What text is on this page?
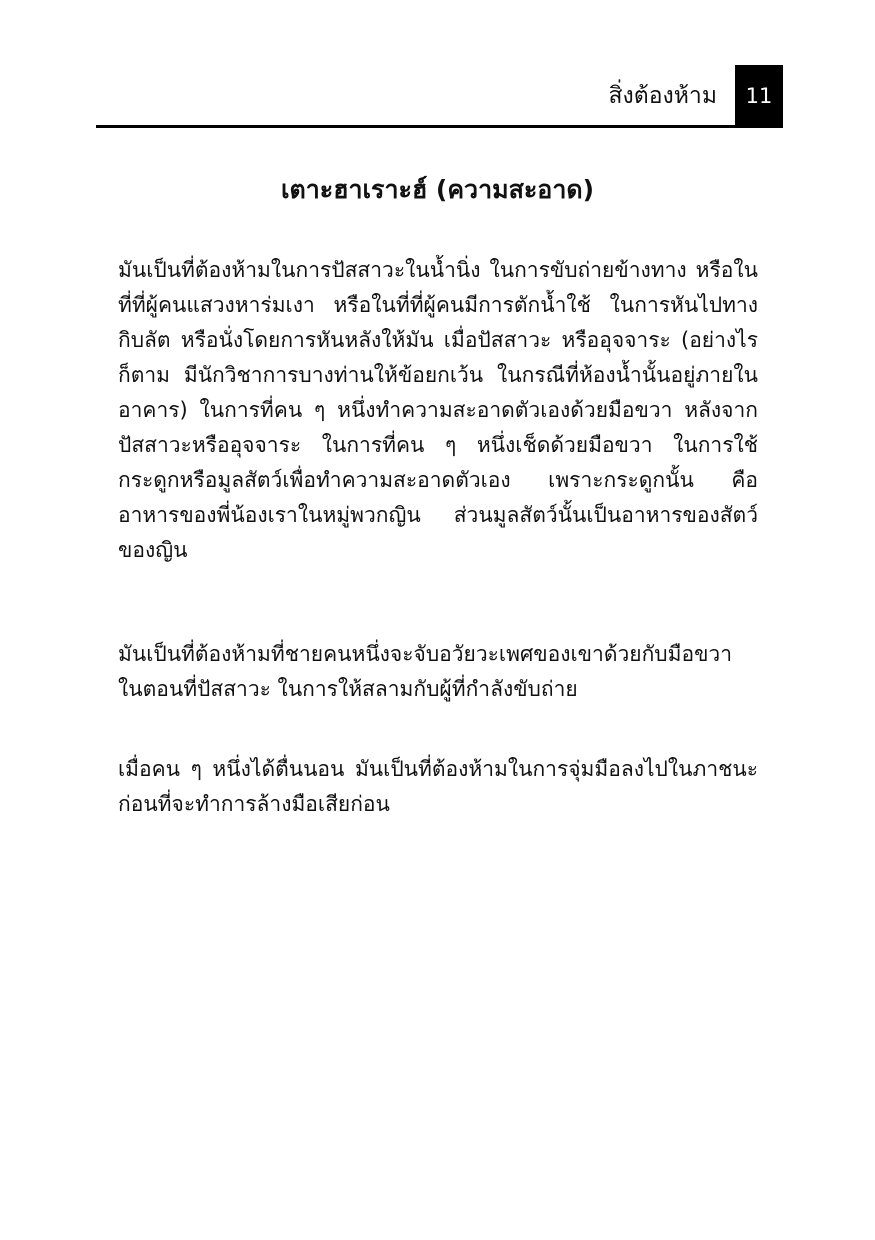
สิ่งต้องห้าม 11
เตาะฮาเราะฮ์ (ความสะอาด)
มันเป็นที่ต้องห้ามในการปัสสาวะในน้ำนิ่ง ในการขับถ่ายข้างทาง หรือใน
ที่ที่ผู้คนแสวงหาร่มเงา หรือในที่ที่ผู้คนมีการตักน้ำใช้ ในการหันไปทาง
กิบลัต หรือนั่งโดยการหันหลังให้มัน เมื่อปัสสาวะ หรืออุจจาระ (อย่างไร
ก็ตาม มีนักวิชาการบางท่านให้ข้อยกเว้น ในกรณีที่ห้องน้ำนั้นอยู่ภายใน
อาคาร) ในการที่คน ๆ หนึ่งทำความสะอาดตัวเองด้วยมือขวา หลังจาก
ปัสสาวะหรืออุจจาระ ในการที่คน ๆ หนึ่งเช็ดด้วยมือขวา ในการใช้
กระดูกหรือมูลสัตว์เพื่อทำความสะอาดตัวเอง เพราะกระดูกนั้น คือ
อาหารของพี่น้องเราในหมู่พวกญิน ส่วนมูลสัตว์นั้นเป็นอาหารของสัตว์
ของญิน
มันเป็นที่ต้องห้ามที่ชายคนหนึ่งจะจับอวัยวะเพศของเขาด้วยกับมือขวา
ในตอนที่ปัสสาวะ ในการให้สลามกับผู้ที่กำลังขับถ่าย
เมื่อคน ๆ หนึ่งได้ตื่นนอน มันเป็นที่ต้องห้ามในการจุ่มมือลงไปในภาชนะ
ก่อนที่จะทำการล้างมือเสียก่อน
